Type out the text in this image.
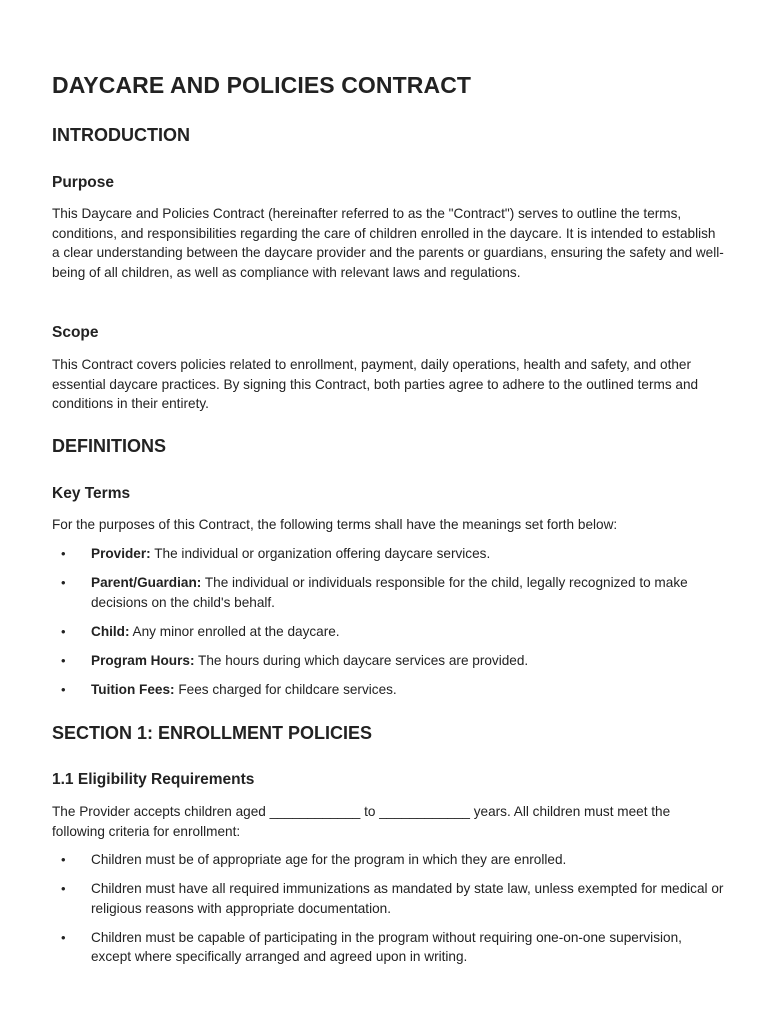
DAYCARE AND POLICIES CONTRACT
INTRODUCTION
Purpose

This Daycare and Policies Contract (hereinafter referred to as the "Contract") serves to outline the terms, conditions, and responsibilities regarding the care of children enrolled in the daycare. It is intended to establish a clear understanding between the daycare provider and the parents or guardians, ensuring the safety and well-being of all children, as well as compliance with relevant laws and regulations.

Scope

This Contract covers policies related to enrollment, payment, daily operations, health and safety, and other essential daycare practices. By signing this Contract, both parties agree to adhere to the outlined terms and conditions in their entirety.

DEFINITIONS
Key Terms

For the purposes of this Contract, the following terms shall have the meanings set forth below:

• Provider: The individual or organization offering daycare services.
• Parent/Guardian: The individual or individuals responsible for the child, legally recognized to make decisions on the child's behalf.
• Child: Any minor enrolled at the daycare.
• Program Hours: The hours during which daycare services are provided.
• Tuition Fees: Fees charged for childcare services.
SECTION 1: ENROLLMENT POLICIES
1.1 Eligibility Requirements

The Provider accepts children aged ____________ to ____________ years. All children must meet the following criteria for enrollment:

• Children must be of appropriate age for the program in which they are enrolled.
• Children must have all required immunizations as mandated by state law, unless exempted for medical or religious reasons with appropriate documentation.
• Children must be capable of participating in the program without requiring one-on-one supervision, except where specifically arranged and agreed upon in writing.
